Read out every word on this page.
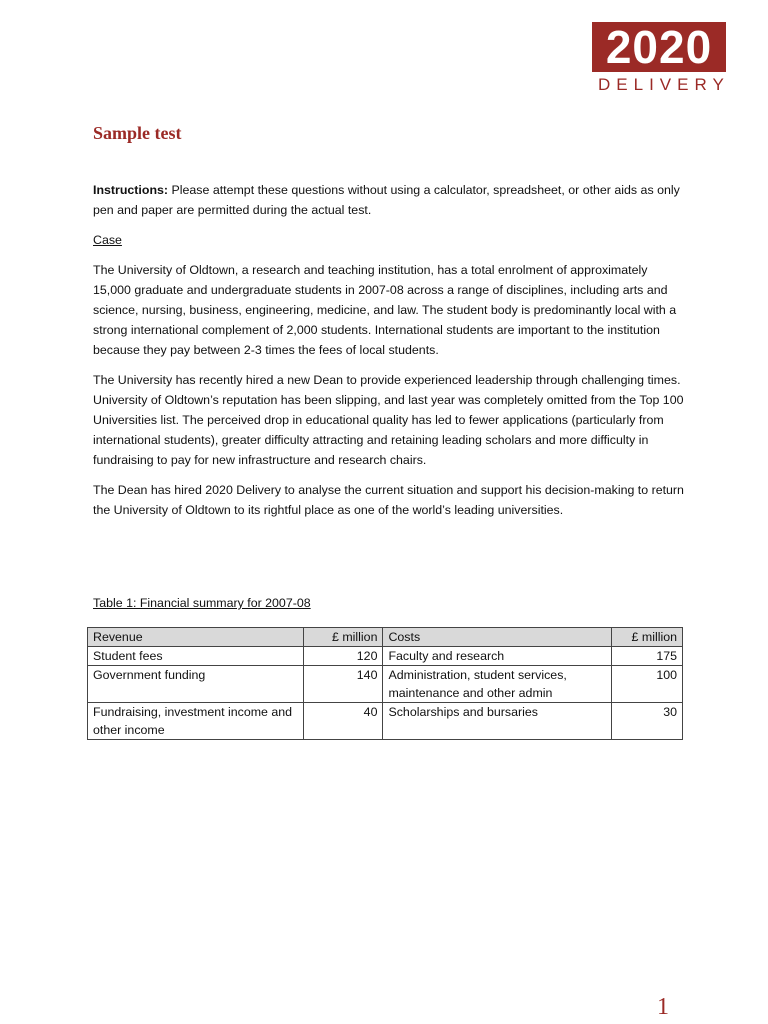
2020
DELIVERY
Sample test

Instructions: Please attempt these questions without using a calculator, spreadsheet, or other aids as only pen and paper are permitted during the actual test.

Case

The University of Oldtown, a research and teaching institution, has a total enrolment of approximately 15,000 graduate and undergraduate students in 2007-08 across a range of disciplines, including arts and science, nursing, business, engineering, medicine, and law. The student body is predominantly local with a strong international complement of 2,000 students. International students are important to the institution because they pay between 2-3 times the fees of local students.

The University has recently hired a new Dean to provide experienced leadership through challenging times. University of Oldtown’s reputation has been slipping, and last year was completely omitted from the Top 100 Universities list. The perceived drop in educational quality has led to fewer applications (particularly from international students), greater difficulty attracting and retaining leading scholars and more difficulty in fundraising to pay for new infrastructure and research chairs.

The Dean has hired 2020 Delivery to analyse the current situation and support his decision-making to return the University of Oldtown to its rightful place as one of the world’s leading universities.

Table 1: Financial summary for 2007-08
Revenue	£ million	Costs	£ million
Student fees	120	Faculty and research	175
Government funding	140	Administration, student services, maintenance and other admin	100
Fundraising, investment income and other income	40	Scholarships and bursaries	30
1
